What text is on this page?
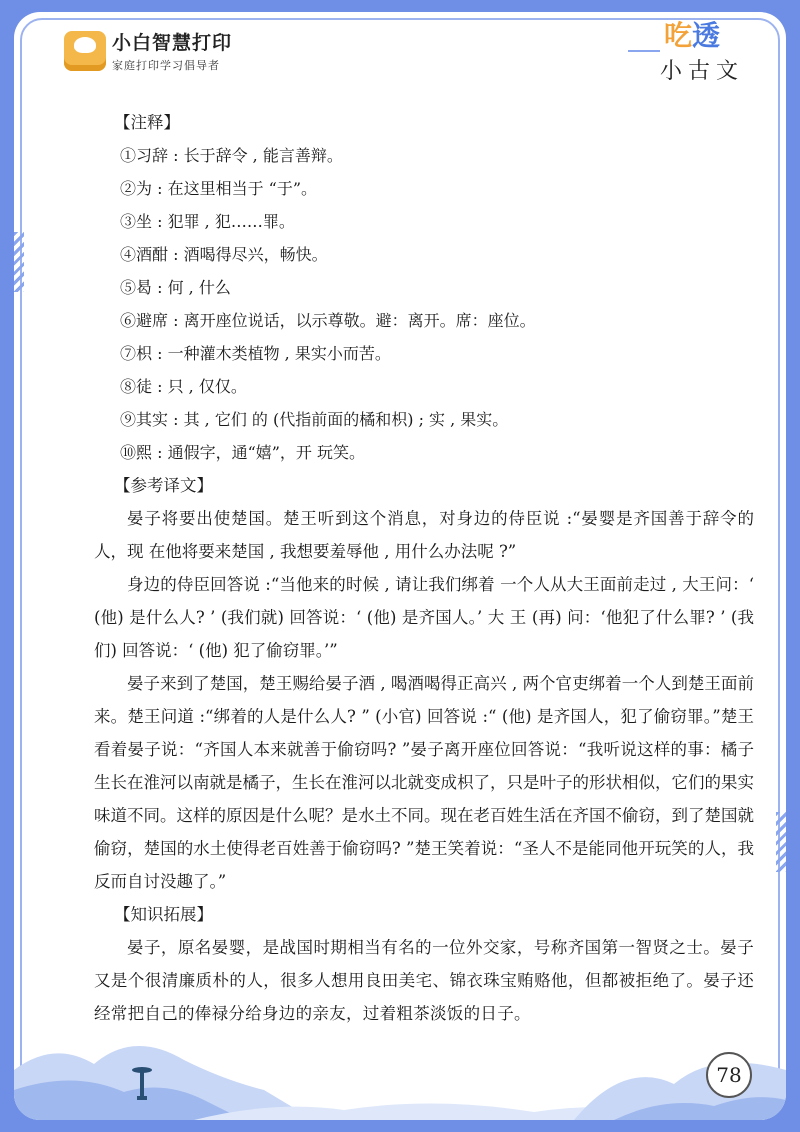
小白智慧打印
家庭打印学习倡导者
吃透
小古文
【注释】
①习辞 : 长于辞令 , 能言善辩。
②为 : 在这里相当于 “于”。
③坐 : 犯罪 , 犯……罪。
④酒酣 : 酒喝得尽兴，畅快。
⑤曷 : 何 , 什么
⑥避席 : 离开座位说话，以示尊敬。避：离开。席：座位。
⑦枳 : 一种灌木类植物 , 果实小而苦。
⑧徒 : 只 , 仅仅。
⑨其实 : 其 , 它们 的 (代指前面的橘和枳) ; 实 , 果实。
⑩熙 : 通假字，通“嬉”，开 玩笑。
【参考译文】

晏子将要出使楚国。楚王听到这个消息，对身边的侍臣说 :“晏婴是齐国善于辞令的人，现 在他将要来楚国 , 我想要羞辱他 , 用什么办法呢 ?”

身边的侍臣回答说 :“当他来的时候 , 请让我们绑着 一个人从大王面前走过 , 大王问：‘ (他) 是什么人? ’ (我们就) 回答说：‘ (他) 是齐国人。’ 大 王 (再) 问：‘他犯了什么罪? ’ (我们) 回答说：‘ (他) 犯了偷窃罪。’”

晏子来到了楚国，楚王赐给晏子酒 , 喝酒喝得正高兴 , 两个官吏绑着一个人到楚王面前来。楚王问道 :“绑着的人是什么人? ” (小官) 回答说 :“ (他) 是齐国人，犯了偷窃罪。”楚王看着晏子说：“齐国人本来就善于偷窃吗? ”晏子离开座位回答说：“我听说这样的事：橘子生长在淮河以南就是橘子，生长在淮河以北就变成枳了，只是叶子的形状相似，它们的果实味道不同。这样的原因是什么呢？是水土不同。现在老百姓生活在齐国不偷窃，到了楚国就偷窃，楚国的水土使得老百姓善于偷窃吗? ”楚王笑着说：“圣人不是能同他开玩笑的人，我反而自讨没趣了。”

【知识拓展】

晏子，原名晏婴，是战国时期相当有名的一位外交家，号称齐国第一智贤之士。晏子又是个很清廉质朴的人，很多人想用良田美宅、锦衣珠宝贿赂他，但都被拒绝了。晏子还经常把自己的俸禄分给身边的亲友，过着粗茶淡饭的日子。

78
